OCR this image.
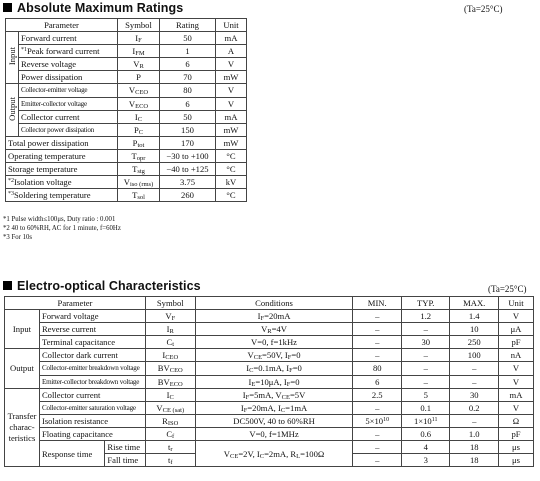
Absolute Maximum Ratings	(Ta=25°C)
Parameter		Symbol	Rating	Unit
Input	Forward current	$I_F$	50	mA
	$^{*1}$Peak forward current	$I_{FM}$	1	A
	Reverse voltage	$V_R$	6	V
	Power dissipation	P	70	mW
Output	Collector-emitter voltage	$V_{CEO}$	80	V
	Emitter-collector voltage	$V_{ECO}$	6	V
	Collector current	$I_C$	50	mA
	Collector power dissipation	$P_C$	150	mW
Total power dissipation		$P_{tot}$	170	mW
Operating temperature		$T_{opr}$	−30 to +100	°C
Storage temperature		$T_{stg}$	−40 to +125	°C
$^{*2}$Isolation voltage		$V_{iso (rms)}$	3.75	kV
$^{*3}$Soldering temperature		$T_{sol}$	260	°C
*1 Pulse width≤100μs, Duty ratio : 0.001
*2 40 to 60%RH, AC for 1 minute, f=60Hz
*3 For 10s
Electro-optical Characteristics	(Ta=25°C)
Parameter			Symbol	Conditions	MIN.	TYP.	MAX.	Unit
Input	Forward voltage		$V_F$	$I_F=20mA$	–	1.2	1.4	V
	Reverse current		$I_R$	$V_R=4V$	–	–	10	μA
	Terminal capacitance		$C_t$	V=0, f=1kHz	–	30	250	pF
Output	Collector dark current		$I_{CEO}$	$V_{CE}=50V$, $I_F=0$	–	–	100	nA
	Collector-emitter breakdown voltage		$BV_{CEO}$	$I_C=0.1mA$, $I_F=0$	80	–	–	V
	Emitter-collector breakdown voltage		$BV_{ECO}$	$I_E=10\mu A$, $I_F=0$	6	–	–	V
Transfer
charac-
teristics	Collector current		$I_C$	$I_F=5mA$, $V_{CE}=5V$	2.5	5	30	mA
	Collector-emitter saturation voltage		$V_{CE (sat)}$	$I_F=20mA$, $I_C=1mA$	–	0.1	0.2	V
	Isolation resistance		$R_{ISO}$	DC500V, 40 to 60%RH	$5\times 10^{10}$	$1\times 10^{11}$	–	Ω
	Floating capacitance		$C_f$	V=0, f=1MHz	–	0.6	1.0	pF
	Response time	Rise time	$t_r$	$V_{CE}=2V$, $I_C=2mA$, $R_L=100\Omega$	–	4	18	μs
		Fall time	$t_f$		–	3	18	μs
